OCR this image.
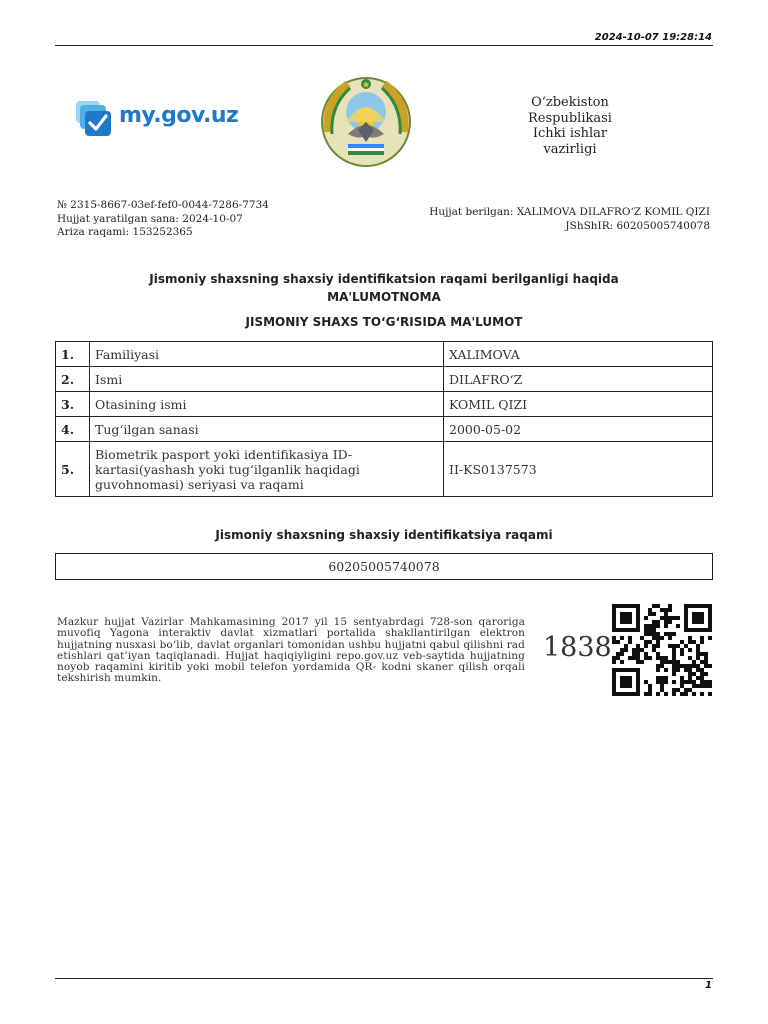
2024-10-07 19:28:14
my.gov.uz
O‘zbekiston Respublikasi
Ichki ishlar
vazirligi
№ 2315-8667-03ef-fef0-0044-7286-7734
Hujjat yaratilgan sana: 2024-10-07
Ariza raqami: 153252365
Hujjat berilgan: XALIMOVA DILAFRO‘Z KOMIL QIZI
JShShIR: 60205005740078
Jismoniy shaxsning shaxsiy identifikatsion raqami berilganligi haqida
MA'LUMOTNOMA
JISMONIY SHAXS TO‘G‘RISIDA MA'LUMOT
1.	Familiyasi	XALIMOVA
2.	Ismi	DILAFRO‘Z
3.	Otasining ismi	KOMIL QIZI
4.	Tug‘ilgan sanasi	2000-05-02
5.	Biometrik pasport yoki identifikasiya ID-kartasi(yashash yoki tug‘ilganlik haqidagi guvohnomasi) seriyasi va raqami	II-KS0137573
Jismoniy shaxsning shaxsiy identifikatsiya raqami
60205005740078
Mazkur hujjat Vazirlar Mahkamasining 2017 yil 15 sentyabrdagi 728-son qaroriga muvofiq Yagona interaktiv davlat xizmatlari portalida shakllantirilgan elektron hujjatning nusxasi bo‘lib, davlat organlari tomonidan ushbu hujjatni qabul qilishni rad etishlari qat’iyan taqiqlanadi. Hujjat haqiqiyligini repo.gov.uz veb-saytida hujjatning noyob raqamini kiritib yoki mobil telefon yordamida QR- kodni skaner qilish orqali tekshirish mumkin.
1838
1
